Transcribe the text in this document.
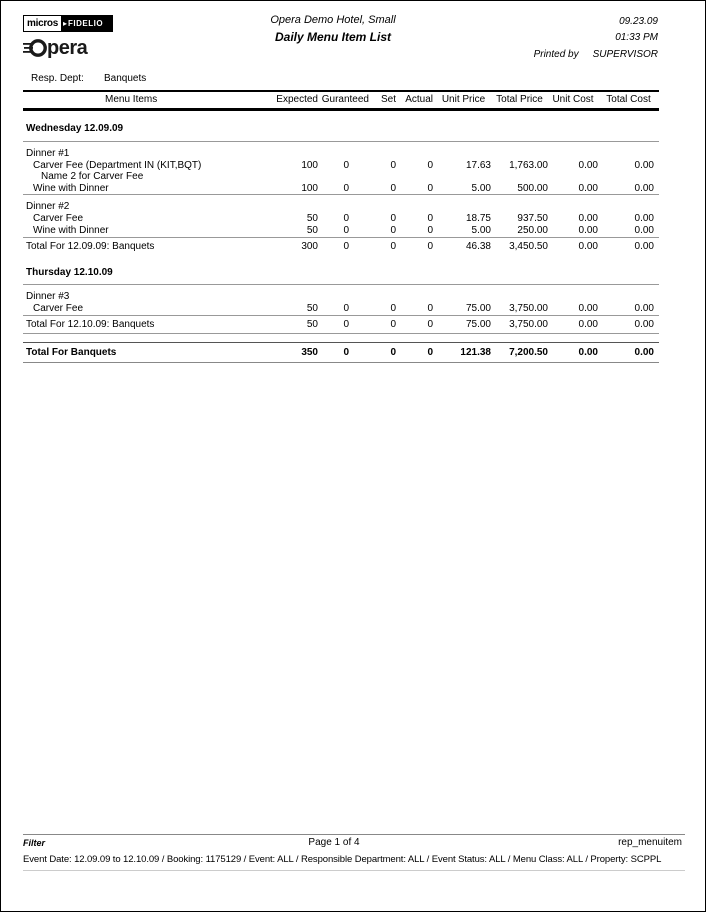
micros ▸ FIDELIO
pera
Opera Demo Hotel, Small
Daily Menu Item List
09.23.09
01:33 PM
Printed by SUPERVISOR
Resp. Dept: Banquets
Menu Items	Expected	Guranteed	Set	Actual	Unit Price	Total Price	Unit Cost	Total Cost
Wednesday 12.09.09								

Dinner #1								
Carver Fee (Department IN (KIT,BQT)	100	0	0	0	17.63	1,763.00	0.00	0.00
Name 2 for Carver Fee								
Wine with Dinner	100	0	0	0	5.00	500.00	0.00	0.00

Dinner #2								
Carver Fee	50	0	0	0	18.75	937.50	0.00	0.00
Wine with Dinner	50	0	0	0	5.00	250.00	0.00	0.00

Total For 12.09.09: Banquets	300	0	0	0	46.38	3,450.50	0.00	0.00
Thursday 12.10.09								

Dinner #3								
Carver Fee	50	0	0	0	75.00	3,750.00	0.00	0.00

Total For 12.10.09: Banquets	50	0	0	0	75.00	3,750.00	0.00	0.00

Total For Banquets	350	0	0	0	121.38	7,200.50	0.00	0.00
Filter	Page 1 of 4	rep_menuitem
Event Date: 12.09.09 to 12.10.09 / Booking: 1175129 / Event: ALL / Responsible Department: ALL / Event Status: ALL / Menu Class: ALL / Property: SCPPL
